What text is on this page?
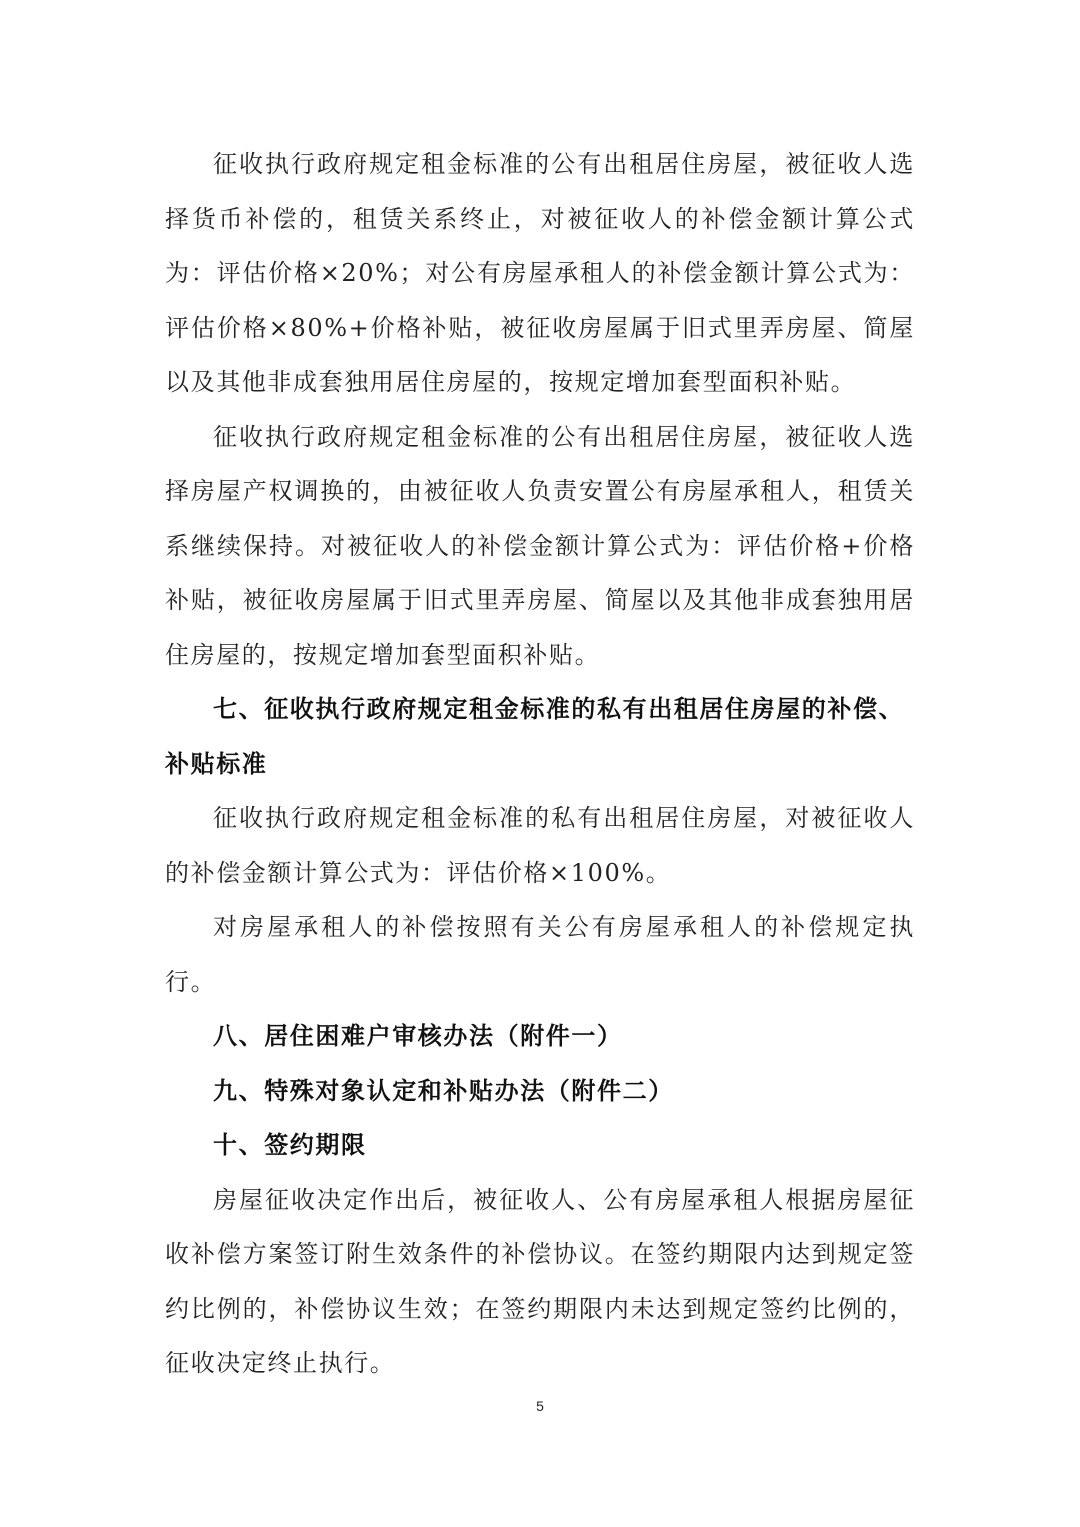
征收执行政府规定租金标准的公有出租居住房屋，被征收人选择货币补偿的，租赁关系终止，对被征收人的补偿金额计算公式为：评估价格×20%；对公有房屋承租人的补偿金额计算公式为：评估价格×80%+价格补贴，被征收房屋属于旧式里弄房屋、简屋以及其他非成套独用居住房屋的，按规定增加套型面积补贴。

征收执行政府规定租金标准的公有出租居住房屋，被征收人选择房屋产权调换的，由被征收人负责安置公有房屋承租人，租赁关系继续保持。对被征收人的补偿金额计算公式为：评估价格+价格补贴，被征收房屋属于旧式里弄房屋、简屋以及其他非成套独用居住房屋的，按规定增加套型面积补贴。

七、征收执行政府规定租金标准的私有出租居住房屋的补偿、补贴标准

征收执行政府规定租金标准的私有出租居住房屋，对被征收人的补偿金额计算公式为：评估价格×100%。

对房屋承租人的补偿按照有关公有房屋承租人的补偿规定执行。

八、居住困难户审核办法（附件一）

九、特殊对象认定和补贴办法（附件二）

十、签约期限

房屋征收决定作出后，被征收人、公有房屋承租人根据房屋征收补偿方案签订附生效条件的补偿协议。在签约期限内达到规定签约比例的，补偿协议生效；在签约期限内未达到规定签约比例的，征收决定终止执行。

5
